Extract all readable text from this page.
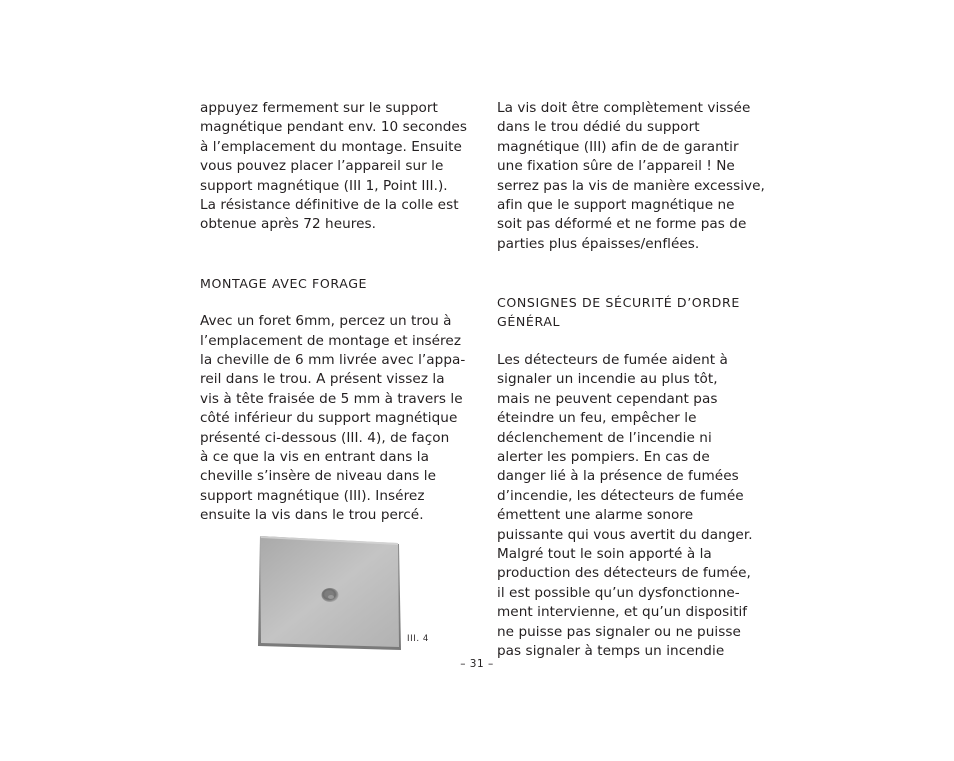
appuyez fermement sur le support
magnétique pendant env. 10 secondes
à l’emplacement du montage. Ensuite
vous pouvez placer l’appareil sur le
support magnétique (III 1, Point III.).
La résistance définitive de la colle est
obtenue après 72 heures.
MONTAGE AVEC FORAGE
Avec un foret 6mm, percez un trou à
l’emplacement de montage et insérez
la cheville de 6 mm livrée avec l’appa-
reil dans le trou. A présent vissez la
vis à tête fraisée de 5 mm à travers le
côté inférieur du support magnétique
présenté ci-dessous (III. 4), de façon
à ce que la vis en entrant dans la
cheville s’insère de niveau dans le
support magnétique (III). Insérez
ensuite la vis dans le trou percé.
III. 4
La vis doit être complètement vissée
dans le trou dédié du support
magnétique (III) afin de de garantir
une fixation sûre de l’appareil ! Ne
serrez pas la vis de manière excessive,
afin que le support magnétique ne
soit pas déformé et ne forme pas de
parties plus épaisses/enflées.
CONSIGNES DE SÉCURITÉ D’ORDRE
GÉNÉRAL
Les détecteurs de fumée aident à
signaler un incendie au plus tôt,
mais ne peuvent cependant pas
éteindre un feu, empêcher le
déclenchement de l’incendie ni
alerter les pompiers. En cas de
danger lié à la présence de fumées
d’incendie, les détecteurs de fumée
émettent une alarme sonore
puissante qui vous avertit du danger.
Malgré tout le soin apporté à la
production des détecteurs de fumée,
il est possible qu’un dysfonctionne-
ment intervienne, et qu’un dispositif
ne puisse pas signaler ou ne puisse
pas signaler à temps un incendie
– 31 –
